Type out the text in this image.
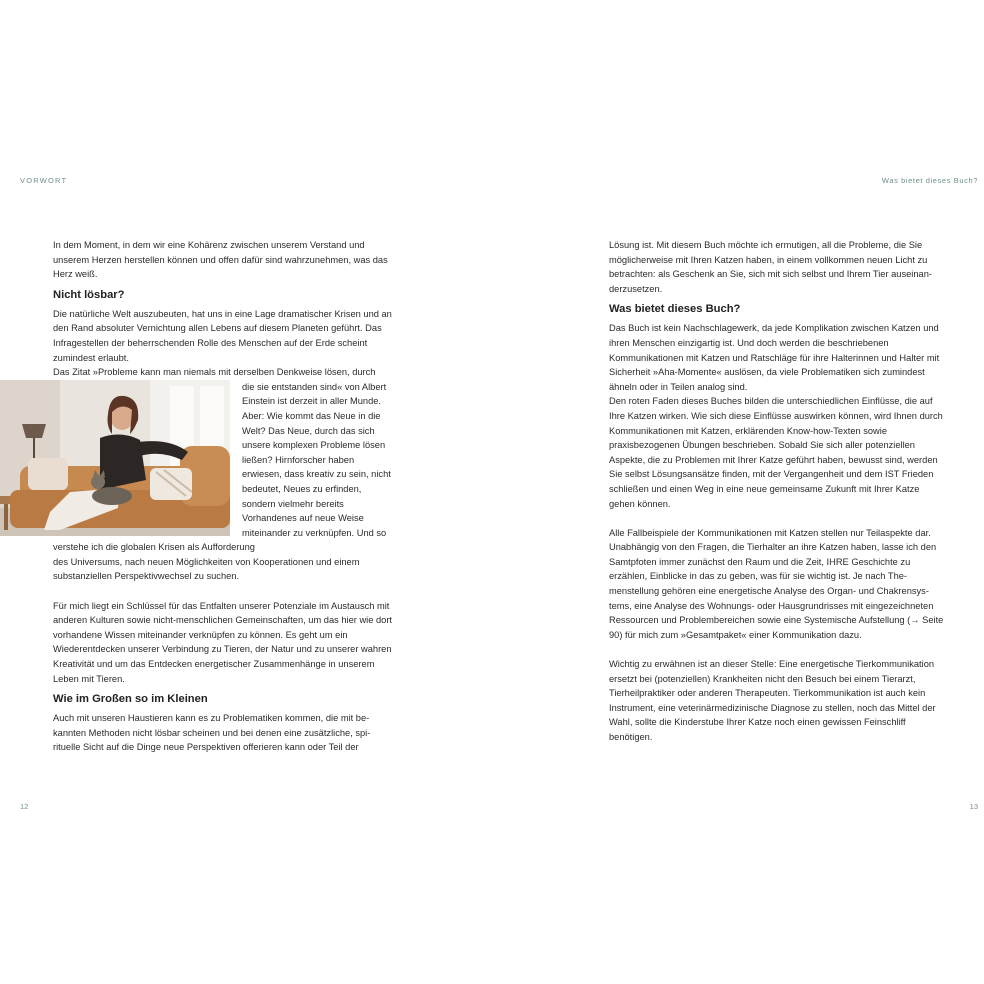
VORWORT	Was bietet dieses Buch?

In dem Moment, in dem wir eine Kohärenz zwischen unserem Verstand und unserem Herzen herstellen können und offen dafür sind wahrzunehmen, was das Herz weiß.

Nicht lösbar?

Die natürliche Welt auszubeuten, hat uns in eine Lage dramatischer Krisen und an den Rand absoluter Vernichtung allen Lebens auf diesem Planeten geführt. Das Infragestellen der beherrschenden Rolle des Menschen auf der Erde scheint zumindest erlaubt.

Das Zitat »Probleme kann man niemals mit derselben Denkweise lösen, durch

die sie entstanden sind« von Albert Einstein ist derzeit in aller Munde. Aber: Wie kommt das Neue in die Welt? Das Neue, durch das sich unsere komplexen Probleme lösen ließen? Hirnforscher haben erwiesen, dass kreativ zu sein, nicht bedeutet, Neues zu erfinden, sondern vielmehr bereits Vorhandenes auf neue Weise miteinander zu verknüpfen. Und so verstehe ich die globalen Krisen als Aufforderung

des Universums, nach neuen Möglichkeiten von Kooperationen und einem substanziellen Perspektivwechsel zu suchen.

Für mich liegt ein Schlüssel für das Entfalten unserer Potenziale im Austausch mit anderen Kulturen sowie nicht-menschlichen Gemeinschaften, um das hier wie dort vorhandene Wissen miteinander verknüpfen zu können. Es geht um ein Wiederentdecken unserer Verbindung zu Tieren, der Natur und zu unserer wahren Kreativität und um das Entdecken energetischer Zusammenhänge in unserem Leben mit Tieren.

Wie im Großen so im Kleinen

Auch mit unseren Haustieren kann es zu Problematiken kommen, die mit bekannten Methoden nicht lösbar scheinen und bei denen eine zusätzliche, spirituelle Sicht auf die Dinge neue Perspektiven offerieren kann oder Teil der

Lösung ist. Mit diesem Buch möchte ich ermutigen, all die Probleme, die Sie möglicherweise mit Ihren Katzen haben, in einem vollkommen neuen Licht zu betrachten: als Geschenk an Sie, sich mit sich selbst und Ihrem Tier auseinanderzusetzen.

Was bietet dieses Buch?

Das Buch ist kein Nachschlagewerk, da jede Komplikation zwischen Katzen und ihren Menschen einzigartig ist. Und doch werden die beschriebenen Kommunikationen mit Katzen und Ratschläge für ihre Halterinnen und Halter mit Sicherheit »Aha-Momente« auslösen, da viele Problematiken sich zumindest ähneln oder in Teilen analog sind.

Den roten Faden dieses Buches bilden die unterschiedlichen Einflüsse, die auf Ihre Katzen wirken. Wie sich diese Einflüsse auswirken können, wird Ihnen durch Kommunikationen mit Katzen, erklärenden Know-how-Texten sowie praxisbezogenen Übungen beschrieben. Sobald Sie sich aller potenziellen Aspekte, die zu Problemen mit Ihrer Katze geführt haben, bewusst sind, werden Sie selbst Lösungsansätze finden, mit der Vergangenheit und dem IST Frieden schließen und einen Weg in eine neue gemeinsame Zukunft mit Ihrer Katze gehen können.

Alle Fallbeispiele der Kommunikationen mit Katzen stellen nur Teilaspekte dar. Unabhängig von den Fragen, die Tierhalter an ihre Katzen haben, lasse ich den Samtpfoten immer zunächst den Raum und die Zeit, IHRE Geschichte zu erzählen, Einblicke in das zu geben, was für sie wichtig ist. Je nach Themenstellung gehören eine energetische Analyse des Organ- und Chakrensystems, eine Analyse des Wohnungs- oder Hausgrundrisses mit eingezeichneten Ressourcen und Problembereichen sowie eine Systemische Aufstellung (→ Seite 90) für mich zum »Gesamtpaket« einer Kommunikation dazu.

Wichtig zu erwähnen ist an dieser Stelle: Eine energetische Tierkommunikation ersetzt bei (potenziellen) Krankheiten nicht den Besuch bei einem Tierarzt, Tierheilpraktiker oder anderen Therapeuten. Tierkommunikation ist auch kein Instrument, eine veterinärmedizinische Diagnose zu stellen, noch das Mittel der Wahl, sollte die Kinderstube Ihrer Katze noch einen gewissen Feinschliff benötigen.

12	13
